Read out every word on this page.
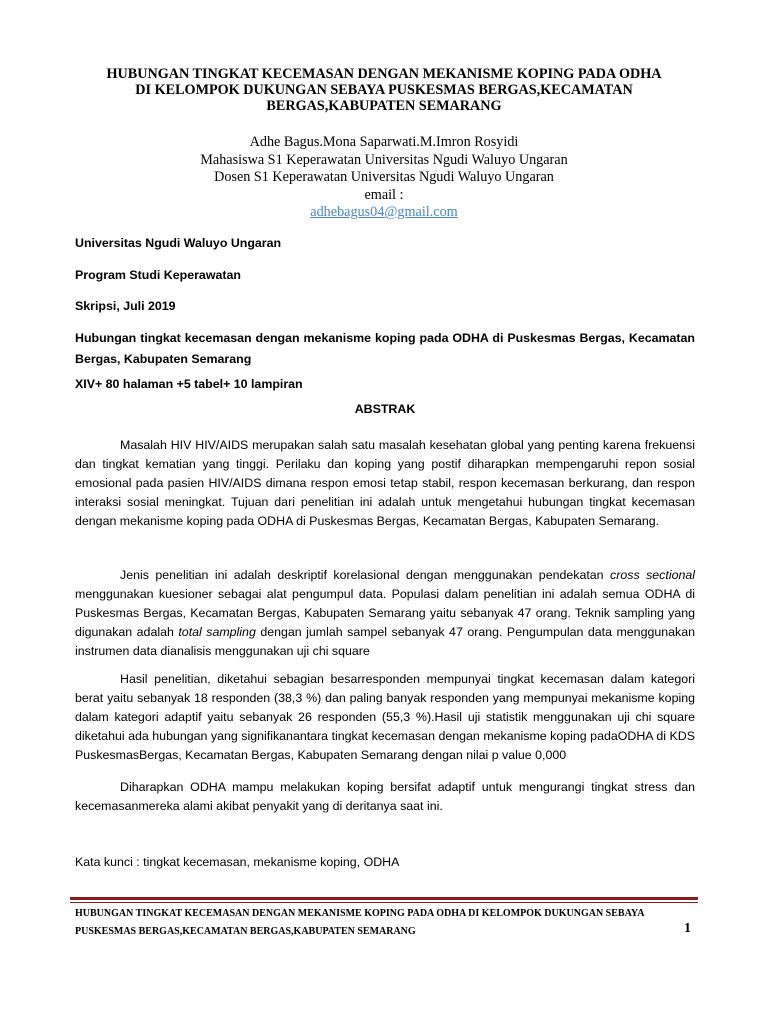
HUBUNGAN TINGKAT KECEMASAN DENGAN MEKANISME KOPING PADA ODHA
DI KELOMPOK DUKUNGAN SEBAYA PUSKESMAS BERGAS,KECAMATAN
BERGAS,KABUPATEN SEMARANG
Adhe Bagus.Mona Saparwati.M.Imron Rosyidi
Mahasiswa S1 Keperawatan Universitas Ngudi Waluyo Ungaran
Dosen S1 Keperawatan Universitas Ngudi Waluyo Ungaran
email :
adhebagus04@gmail.com
Universitas Ngudi Waluyo Ungaran
Program Studi Keperawatan
Skripsi, Juli 2019
Hubungan tingkat kecemasan dengan mekanisme koping pada ODHA di Puskesmas Bergas, Kecamatan Bergas, Kabupaten Semarang
XIV+ 80 halaman +5 tabel+ 10 lampiran
ABSTRAK
Masalah HIV HIV/AIDS merupakan salah satu masalah kesehatan global yang penting karena frekuensi dan tingkat kematian yang tinggi. Perilaku dan koping yang postif diharapkan mempengaruhi repon sosial emosional pada pasien HIV/AIDS dimana respon emosi tetap stabil, respon kecemasan berkurang, dan respon interaksi sosial meningkat. Tujuan dari penelitian ini adalah untuk mengetahui hubungan tingkat kecemasan dengan mekanisme koping pada ODHA di Puskesmas Bergas, Kecamatan Bergas, Kabupaten Semarang.
Jenis penelitian ini adalah deskriptif korelasional dengan menggunakan pendekatan cross sectional menggunakan kuesioner sebagai alat pengumpul data. Populasi dalam penelitian ini adalah semua ODHA di Puskesmas Bergas, Kecamatan Bergas, Kabupaten Semarang yaitu sebanyak 47 orang. Teknik sampling yang digunakan adalah total sampling dengan jumlah sampel sebanyak 47 orang. Pengumpulan data menggunakan instrumen data dianalisis menggunakan uji chi square
Hasil penelitian, diketahui sebagian besarresponden mempunyai tingkat kecemasan dalam kategori berat yaitu sebanyak 18 responden (38,3 %) dan paling banyak responden yang mempunyai mekanisme koping dalam kategori adaptif yaitu sebanyak 26 responden (55,3 %).Hasil uji statistik menggunakan uji chi square diketahui ada hubungan yang signifikanantara tingkat kecemasan dengan mekanisme koping padaODHA di KDS PuskesmasBergas, Kecamatan Bergas, Kabupaten Semarang dengan nilai p value 0,000
Diharapkan ODHA mampu melakukan koping bersifat adaptif untuk mengurangi tingkat stress dan kecemasanmereka alami akibat penyakit yang di deritanya saat ini.
Kata kunci : tingkat kecemasan, mekanisme koping, ODHA
HUBUNGAN TINGKAT KECEMASAN DENGAN MEKANISME KOPING PADA ODHA DI KELOMPOK DUKUNGAN SEBAYA
PUSKESMAS BERGAS,KECAMATAN BERGAS,KABUPATEN SEMARANG	1
